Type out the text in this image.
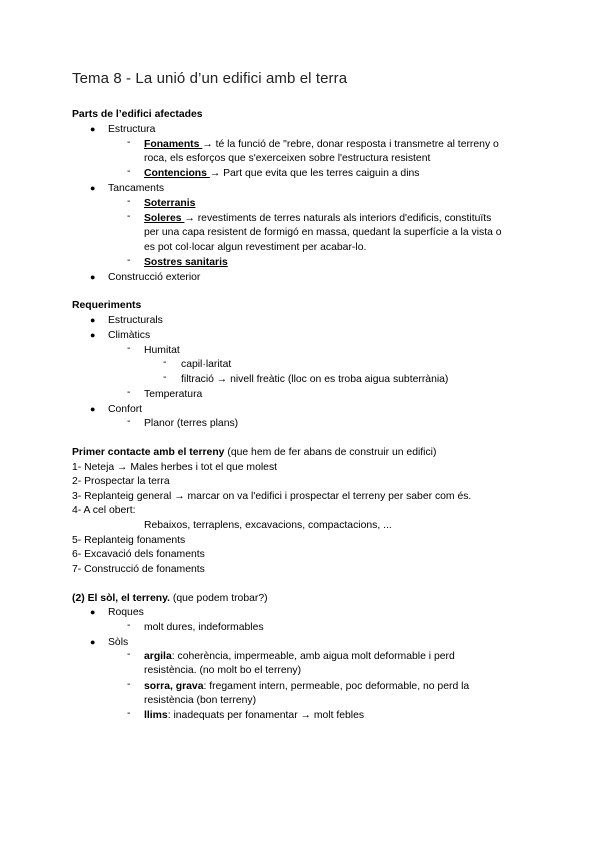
Tema 8 - La unió d’un edifici amb el terra
Parts de l’edifici afectades
● Estructura
- Fonaments → té la funció de "rebre, donar resposta i transmetre al terreny o
roca, els esforços que s'exerceixen sobre l'estructura resistent
- Contencions → Part que evita que les terres caiguin a dins
● Tancaments
- Soterranis
- Soleres → revestiments de terres naturals als interiors d'edificis, constituïts
per una capa resistent de formigó en massa, quedant la superfície a la vista o
es pot col·locar algun revestiment per acabar-lo.
- Sostres sanitaris
● Construcció exterior
Requeriments
● Estructurals
● Climàtics
- Humitat
- capil·laritat
- filtració → nivell freàtic (lloc on es troba aigua subterrània)
- Temperatura
● Confort
- Planor (terres plans)
Primer contacte amb el terreny (que hem de fer abans de construir un edifici)
1- Neteja → Males herbes i tot el que molest
2- Prospectar la terra
3- Replanteig general → marcar on va l'edifici i prospectar el terreny per saber com és.
4- A cel obert:
Rebaixos, terraplens, excavacions, compactacions, ...
5- Replanteig fonaments
6- Excavació dels fonaments
7- Construcció de fonaments
(2) El sòl, el terreny. (que podem trobar?)
● Roques
- molt dures, indeformables
● Sòls
- argila: coherència, impermeable, amb aigua molt deformable i perd
resistència. (no molt bo el terreny)
- sorra, grava: fregament intern, permeable, poc deformable, no perd la
resistència (bon terreny)
- llims: inadequats per fonamentar → molt febles
